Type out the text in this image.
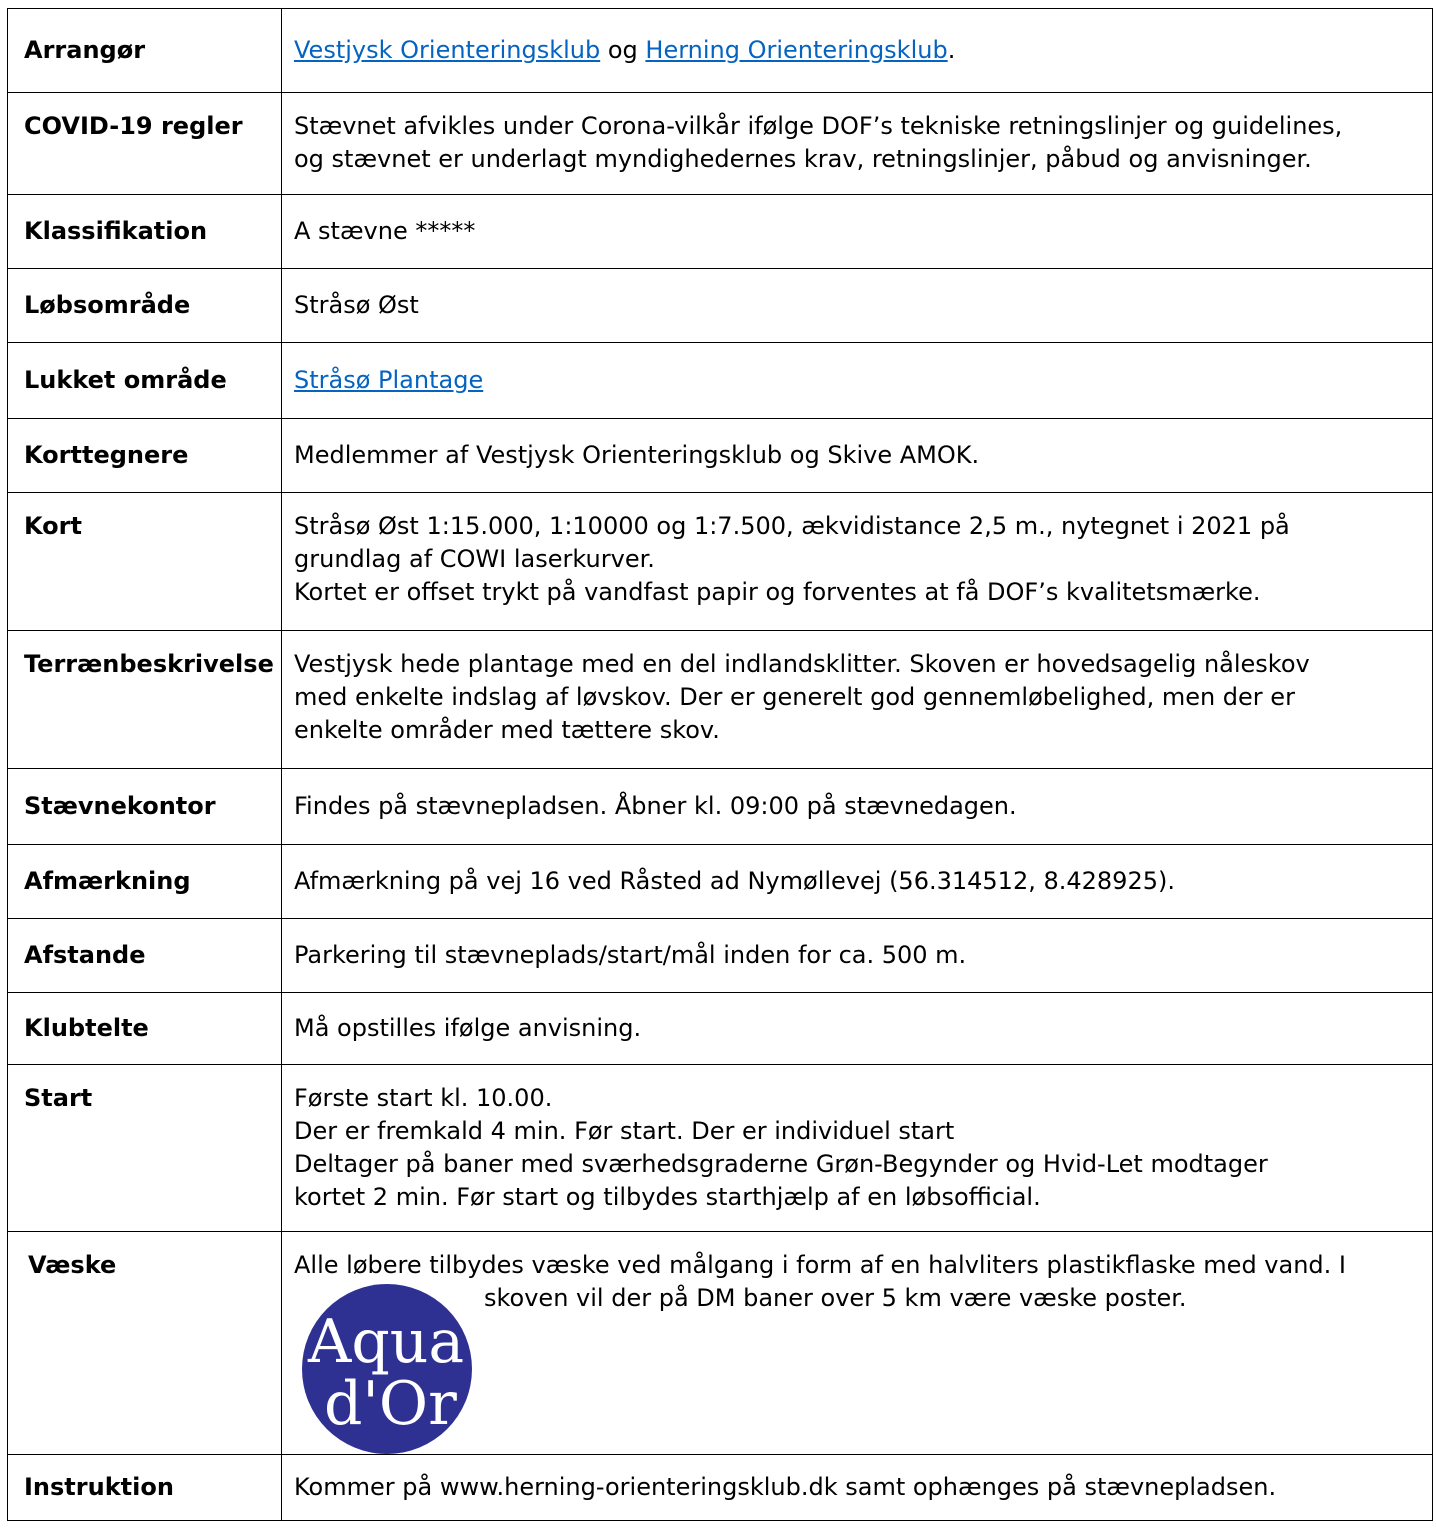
Arrangør	Vestjysk Orienteringsklub og Herning Orienteringsklub.
COVID-19 regler	Stævnet afvikles under Corona-vilkår ifølge DOF’s tekniske retningslinjer og guidelines,
og stævnet er underlagt myndighedernes krav, retningslinjer, påbud og anvisninger.

Klassifikation	A stævne *****
Løbsområde	Stråsø Øst
Lukket område	Stråsø Plantage
Korttegnere	Medlemmer af Vestjysk Orienteringsklub og Skive AMOK.
Kort	Stråsø Øst 1:15.000, 1:10000 og 1:7.500, ækvidistance 2,5 m., nytegnet i 2021 på
grundlag af COWI laserkurver.
Kortet er offset trykt på vandfast papir og forventes at få DOF’s kvalitetsmærke.

Terrænbeskrivelse	Vestjysk hede plantage med en del indlandsklitter. Skoven er hovedsagelig nåleskov
med enkelte indslag af løvskov. Der er generelt god gennemløbelighed, men der er
enkelte områder med tættere skov.

Stævnekontor	Findes på stævnepladsen. Åbner kl. 09:00 på stævnedagen.
Afmærkning	Afmærkning på vej 16 ved Råsted ad Nymøllevej (56.314512, 8.428925).
Afstande	Parkering til stævneplads/start/mål inden for ca. 500 m.
Klubtelte	Må opstilles ifølge anvisning.
Start	Første start kl. 10.00.
Der er fremkald 4 min. Før start. Der er individuel start
Deltager på baner med sværhedsgraderne Grøn-Begynder og Hvid-Let modtager
kortet 2 min. Før start og tilbydes starthjælp af en løbsofficial.

Væske	Alle løbere tilbydes væske ved målgang i form af en halvliters plastikflaske med vand. I
Aqua
d'Or
skoven vil der på DM baner over 5 km være væske poster.

Instruktion	Kommer på www.herning-orienteringsklub.dk samt ophænges på stævnepladsen.
